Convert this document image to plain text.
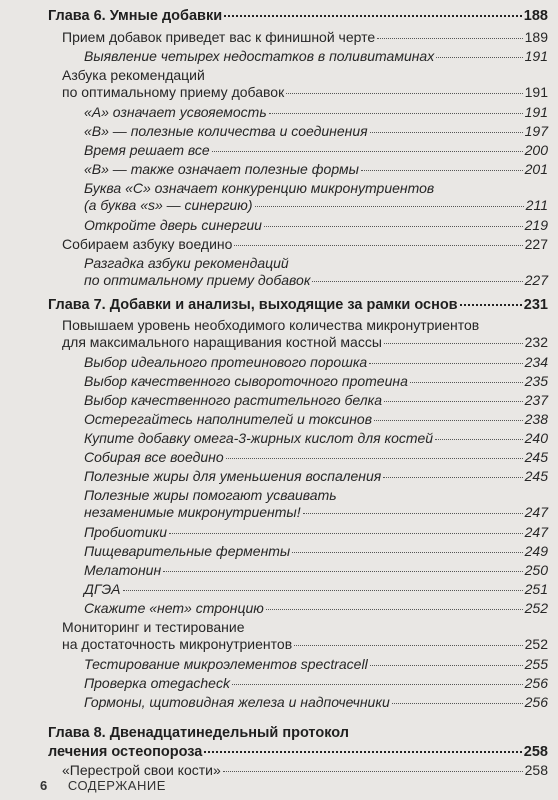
Глава 6. Умные добавки	188
Прием добавок приведет вас к финишной черте	189
Выявление четырех недостатков в поливитаминах	191
Азбука рекомендаций
по оптимальному приему добавок	191
«A» означает усвояемость	191
«B» — полезные количества и соединения	197
Время решает все	200
«B» — также означает полезные формы	201
Буква «C» означает конкуренцию микронутриентов
(а буква «s» — синергию)	211
Откройте дверь синергии	219
Собираем азбуку воедино	227
Разгадка азбуки рекомендаций
по оптимальному приему добавок	227
Глава 7. Добавки и анализы, выходящие за рамки основ	231
Повышаем уровень необходимого количества микронутриентов
для максимального наращивания костной массы	232
Выбор идеального протеинового порошка	234
Выбор качественного сывороточного протеина	235
Выбор качественного растительного белка	237
Остерегайтесь наполнителей и токсинов	238
Купите добавку омега-3-жирных кислот для костей	240
Собирая все воедино	245
Полезные жиры для уменьшения воспаления	245
Полезные жиры помогают усваивать
незаменимые микронутриенты!	247
Пробиотики	247
Пищеварительные ферменты	249
Мелатонин	250
ДГЭА	251
Скажите «нет» стронцию	252
Мониторинг и тестирование
на достаточность микронутриентов	252
Тестирование микроэлементов spectracell	255
Проверка omegacheck	256
Гормоны, щитовидная железа и надпочечники	256
Глава 8. Двенадцатинедельный протокол
лечения остеопороза	258
«Перестрой свои кости»	258
6 СОДЕРЖАНИЕ
